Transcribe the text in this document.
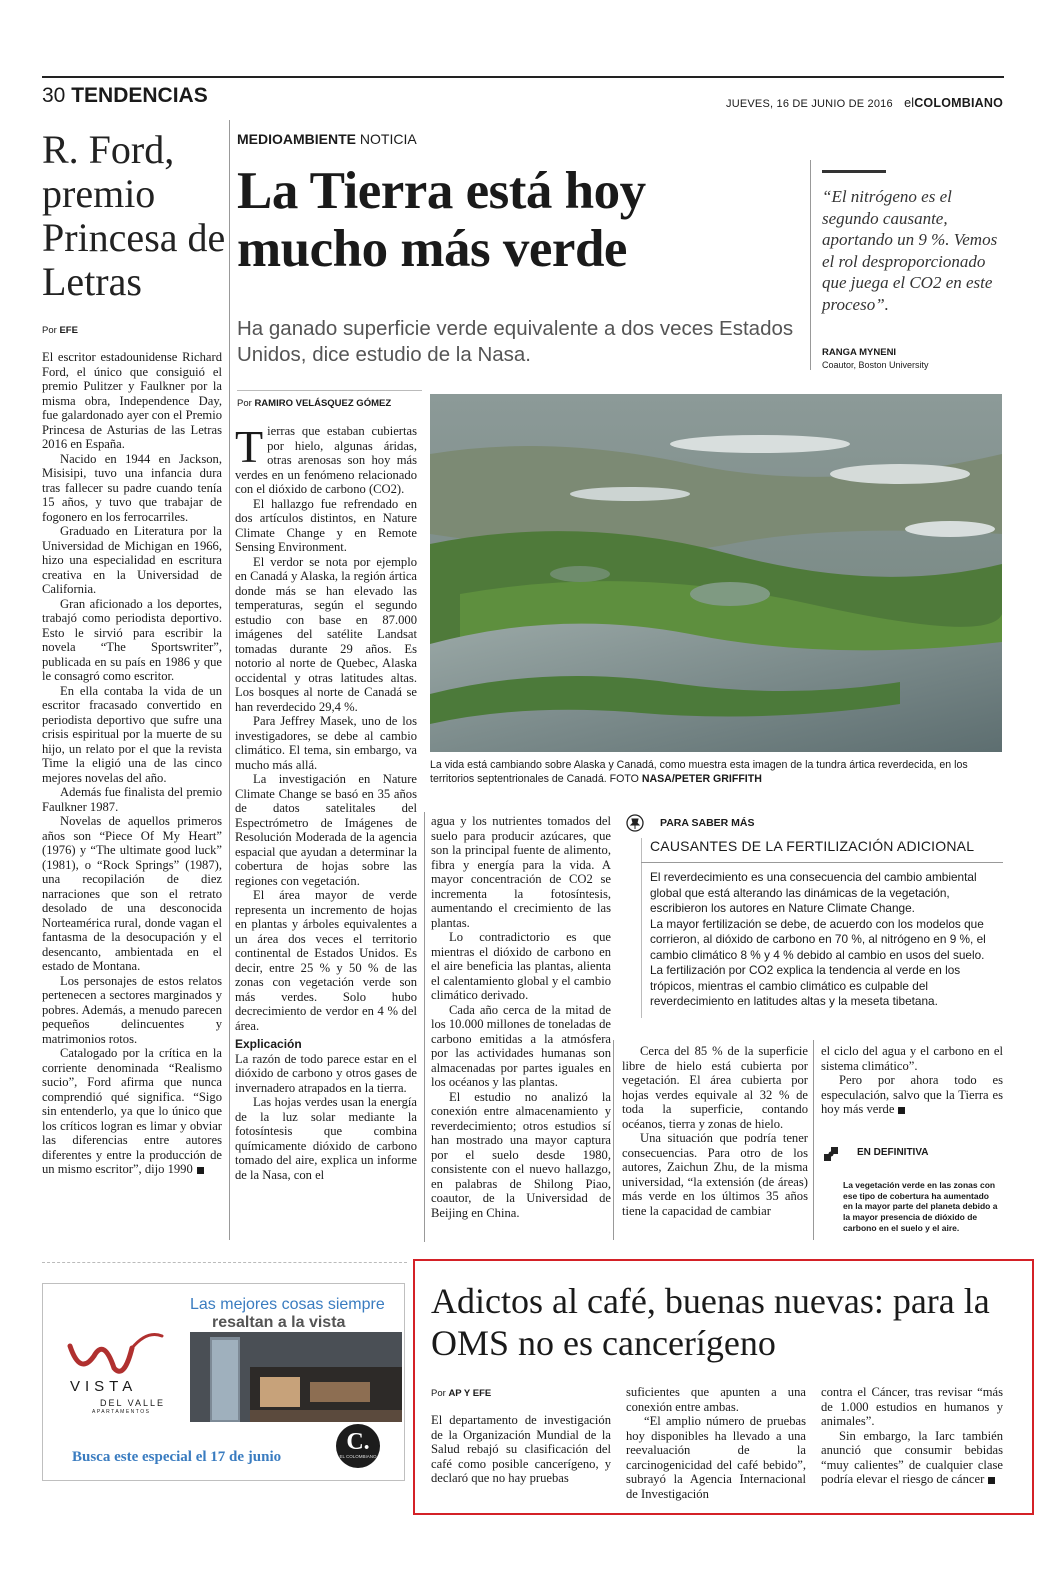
30 TENDENCIAS	JUEVES, 16 DE JUNIO DE 2016 elCOLOMBIANO
R. Ford, premio Princesa de Letras
Por EFE

El escritor estadounidense Richard Ford, el único que consiguió el premio Pulitzer y Faulkner por la misma obra, Independence Day, fue galardonado ayer con el Premio Princesa de Asturias de las Letras 2016 en España.

Nacido en 1944 en Jackson, Misisipi, tuvo una infancia dura tras fallecer su padre cuando tenía 15 años, y tuvo que trabajar de fogonero en los ferrocarriles.

Graduado en Literatura por la Universidad de Michigan en 1966, hizo una especialidad en escritura creativa en la Universidad de California.

Gran aficionado a los deportes, trabajó como periodista deportivo. Esto le sirvió para escribir la novela “The Sportswriter”, publicada en su país en 1986 y que le consagró como escritor.

En ella contaba la vida de un escritor fracasado convertido en periodista deportivo que sufre una crisis espiritual por la muerte de su hijo, un relato por el que la revista Time la eligió una de las cinco mejores novelas del año.

Además fue finalista del premio Faulkner 1987.

Novelas de aquellos primeros años son “Piece Of My Heart” (1976) y “The ultimate good luck” (1981), o “Rock Springs” (1987), una recopilación de diez narraciones que son el retrato desolado de una desconocida Norteamérica rural, donde vagan el fantasma de la desocupación y el desencanto, ambientada en el estado de Montana.

Los personajes de estos relatos pertenecen a sectores marginados y pobres. Además, a menudo parecen pequeños delincuentes y matrimonios rotos.

Catalogado por la crítica en la corriente denominada “Realismo sucio”, Ford afirma que nunca comprendió qué significa. “Sigo sin entenderlo, ya que lo único que los críticos logran es limar y obviar las diferencias entre autores diferentes y entre la producción de un mismo escritor”, dijo 1990

MEDIOAMBIENTE NOTICIA
La Tierra está hoy mucho más verde
Ha ganado superficie verde equivalente a dos veces Estados Unidos, dice estudio de la Nasa.
Por RAMIRO VELÁSQUEZ GÓMEZ

Tierras que estaban cubiertas por hielo, algunas áridas, otras arenosas son hoy más verdes en un fenómeno relacionado con el dióxido de carbono (CO2).

El hallazgo fue refrendado en dos artículos distintos, en Nature Climate Change y en Remote Sensing Environment.

El verdor se nota por ejemplo en Canadá y Alaska, la región ártica donde más se han elevado las temperaturas, según el segundo estudio con base en 87.000 imágenes del satélite Landsat tomadas durante 29 años. Es notorio al norte de Quebec, Alaska occidental y otras latitudes altas. Los bosques al norte de Canadá se han reverdecido 29,4 %.

Para Jeffrey Masek, uno de los investigadores, se debe al cambio climático. El tema, sin embargo, va mucho más allá.

La investigación en Nature Climate Change se basó en 35 años de datos satelitales del Espectrómetro de Imágenes de Resolución Moderada de la agencia espacial que ayudan a determinar la cobertura de hojas sobre las regiones con vegetación.

El área mayor de verde representa un incremento de hojas en plantas y árboles equivalentes a un área dos veces el territorio continental de Estados Unidos. Es decir, entre 25 % y 50 % de las zonas con vegetación verde son más verdes. Solo hubo decrecimiento de verdor en 4 % del área.

Explicación

La razón de todo parece estar en el dióxido de carbono y otros gases de invernadero atrapados en la tierra.

Las hojas verdes usan la energía de la luz solar mediante la fotosíntesis que combina químicamente dióxido de carbono tomado del aire, explica un informe de la Nasa, con el

“El nitrógeno es el segundo causante, aportando un 9 %. Vemos el rol desproporcionado que juega el CO2 en este proceso”.
RANGA MYNENI
Coautor, Boston University
La vida está cambiando sobre Alaska y Canadá, como muestra esta imagen de la tundra ártica reverdecida, en los territorios septentrionales de Canadá. FOTO NASA/PETER GRIFFITH

agua y los nutrientes tomados del suelo para producir azúcares, que son la principal fuente de alimento, fibra y energía para la vida. A mayor concentración de CO2 se incrementa la fotosíntesis, aumentando el crecimiento de las plantas.

Lo contradictorio es que mientras el dióxido de carbono en el aire beneficia las plantas, alienta el calentamiento global y el cambio climático derivado.

Cada año cerca de la mitad de los 10.000 millones de toneladas de carbono emitidas a la atmósfera por las actividades humanas son almacenadas por partes iguales en los océanos y las plantas.

El estudio no analizó la conexión entre almacenamiento y reverdecimiento; otros estudios sí han mostrado una mayor captura por el suelo desde 1980, consistente con el nuevo hallazgo, en palabras de Shilong Piao, coautor, de la Universidad de Beijing en China.

PARA SABER MÁS
CAUSANTES DE LA FERTILIZACIÓN ADICIONAL

El reverdecimiento es una consecuencia del cambio ambiental global que está alterando las dinámicas de la vegetación, escribieron los autores en Nature Climate Change.

La mayor fertilización se debe, de acuerdo con los modelos que corrieron, al dióxido de carbono en 70 %, al nitrógeno en 9 %, el cambio climático 8 % y 4 % debido al cambio en usos del suelo.

La fertilización por CO2 explica la tendencia al verde en los trópicos, mientras el cambio climático es culpable del reverdecimiento en latitudes altas y la meseta tibetana.

Cerca del 85 % de la superficie libre de hielo está cubierta por vegetación. El área cubierta por hojas verdes equivale al 32 % de toda la superficie, contando océanos, tierra y zonas de hielo.

Una situación que podría tener consecuencias. Para otro de los autores, Zaichun Zhu, de la misma universidad, “la extensión (de áreas) más verde en los últimos 35 años tiene la capacidad de cambiar

el ciclo del agua y el carbono en el sistema climático”.

Pero por ahora todo es especulación, salvo que la Tierra es hoy más verde

EN DEFINITIVA
La vegetación verde en las zonas con ese tipo de cobertura ha aumentado en la mayor parte del planeta debido a la mayor presencia de dióxido de carbono en el suelo y el aire.
Las mejores cosas siempre
resaltan a la vista
VISTA
DEL VALLE
APARTAMENTOS
Busca este especial el 17 de junio
C.
EL COLOMBIANO
Adictos al café, buenas nuevas: para la OMS no es cancerígeno
Por AP Y EFE

El departamento de investigación de la Organización Mundial de la Salud rebajó su clasificación del café como posible cancerígeno, y declaró que no hay pruebas

suficientes que apunten a una conexión entre ambas.

“El amplio número de pruebas hoy disponibles ha llevado a una reevaluación de la carcinogenicidad del café bebido”, subrayó la Agencia Internacional de Investigación

contra el Cáncer, tras revisar “más de 1.000 estudios en humanos y animales”.

Sin embargo, la Iarc también anunció que consumir bebidas “muy calientes” de cualquier clase podría elevar el riesgo de cáncer
